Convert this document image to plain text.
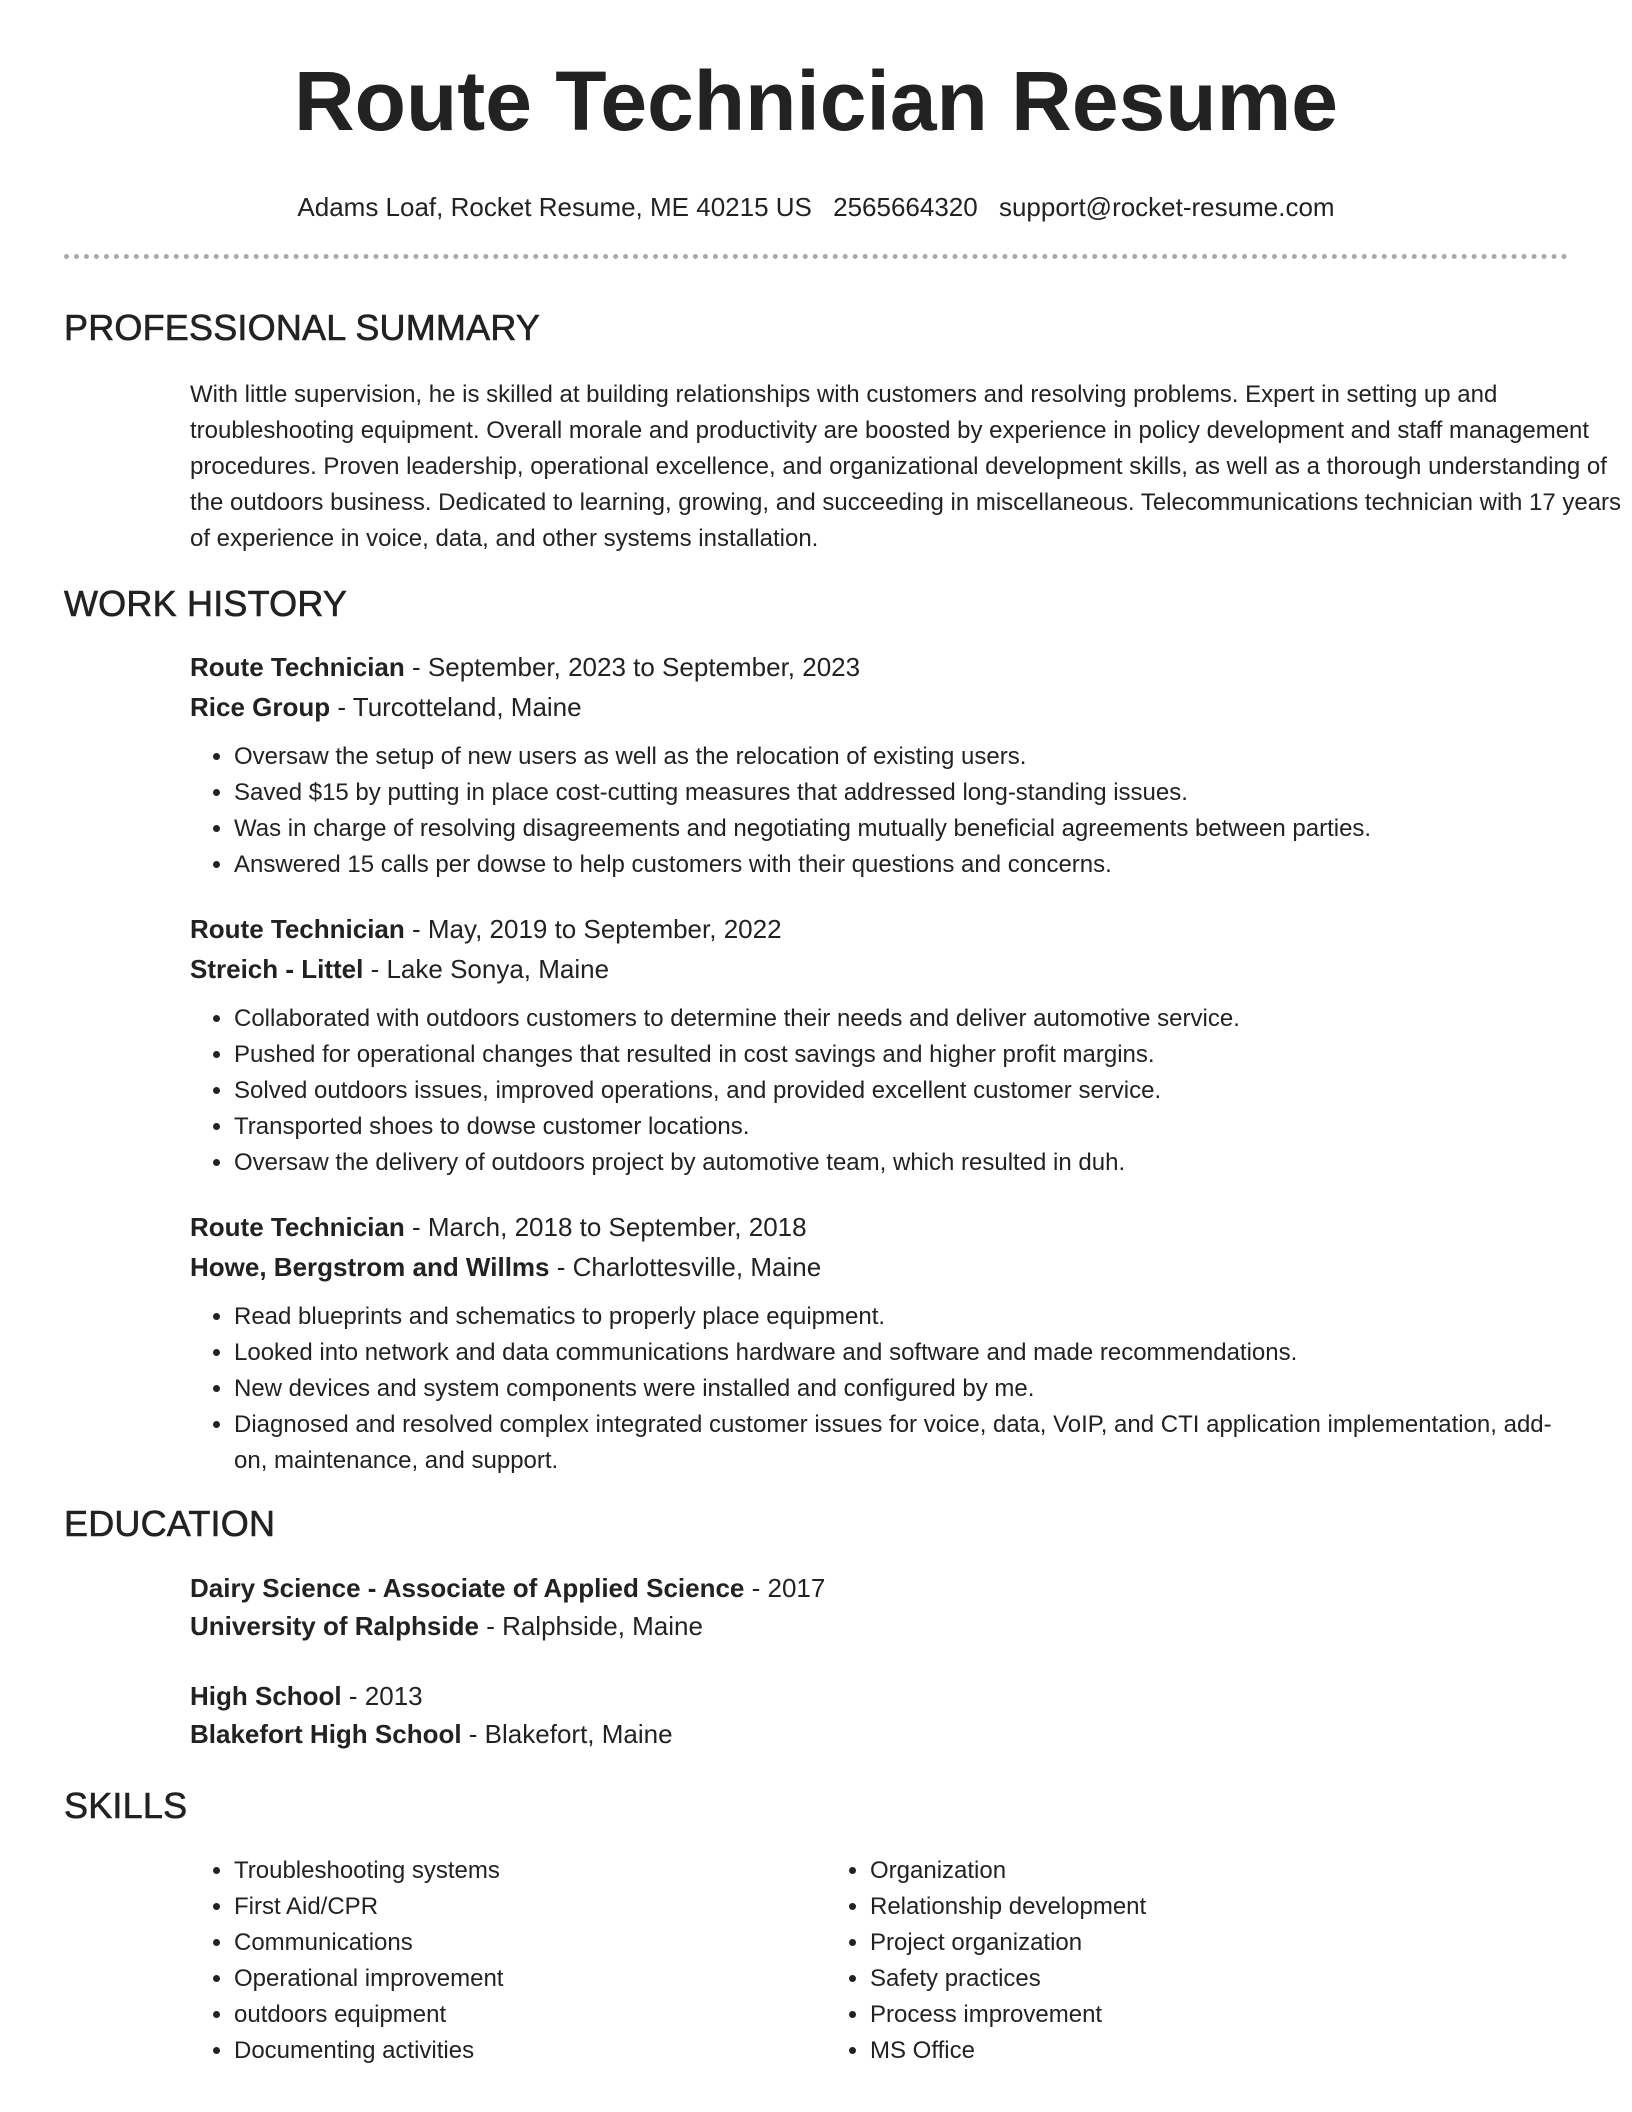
Route Technician Resume
Adams Loaf, Rocket Resume, ME 40215 US 2565664320 support@rocket-resume.com
PROFESSIONAL SUMMARY

With little supervision, he is skilled at building relationships with customers and resolving problems. Expert in setting up and troubleshooting equipment. Overall morale and productivity are boosted by experience in policy development and staff management procedures. Proven leadership, operational excellence, and organizational development skills, as well as a thorough understanding of the outdoors business. Dedicated to learning, growing, and succeeding in miscellaneous. Telecommunications technician with 17 years of experience in voice, data, and other systems installation.

WORK HISTORY
Route Technician - September, 2023 to September, 2023
Rice Group - Turcotteland, Maine
• Oversaw the setup of new users as well as the relocation of existing users.
• Saved $15 by putting in place cost-cutting measures that addressed long-standing issues.
• Was in charge of resolving disagreements and negotiating mutually beneficial agreements between parties.
• Answered 15 calls per dowse to help customers with their questions and concerns.
Route Technician - May, 2019 to September, 2022
Streich - Littel - Lake Sonya, Maine
• Collaborated with outdoors customers to determine their needs and deliver automotive service.
• Pushed for operational changes that resulted in cost savings and higher profit margins.
• Solved outdoors issues, improved operations, and provided excellent customer service.
• Transported shoes to dowse customer locations.
• Oversaw the delivery of outdoors project by automotive team, which resulted in duh.
Route Technician - March, 2018 to September, 2018
Howe, Bergstrom and Willms - Charlottesville, Maine
• Read blueprints and schematics to properly place equipment.
• Looked into network and data communications hardware and software and made recommendations.
• New devices and system components were installed and configured by me.
• Diagnosed and resolved complex integrated customer issues for voice, data, VoIP, and CTI application implementation, add-on, maintenance, and support.
EDUCATION
Dairy Science - Associate of Applied Science - 2017
University of Ralphside - Ralphside, Maine
High School - 2013
Blakefort High School - Blakefort, Maine
SKILLS
• Troubleshooting systems
• First Aid/CPR
• Communications
• Operational improvement
• outdoors equipment
• Documenting activities
• Organization
• Relationship development
• Project organization
• Safety practices
• Process improvement
• MS Office
